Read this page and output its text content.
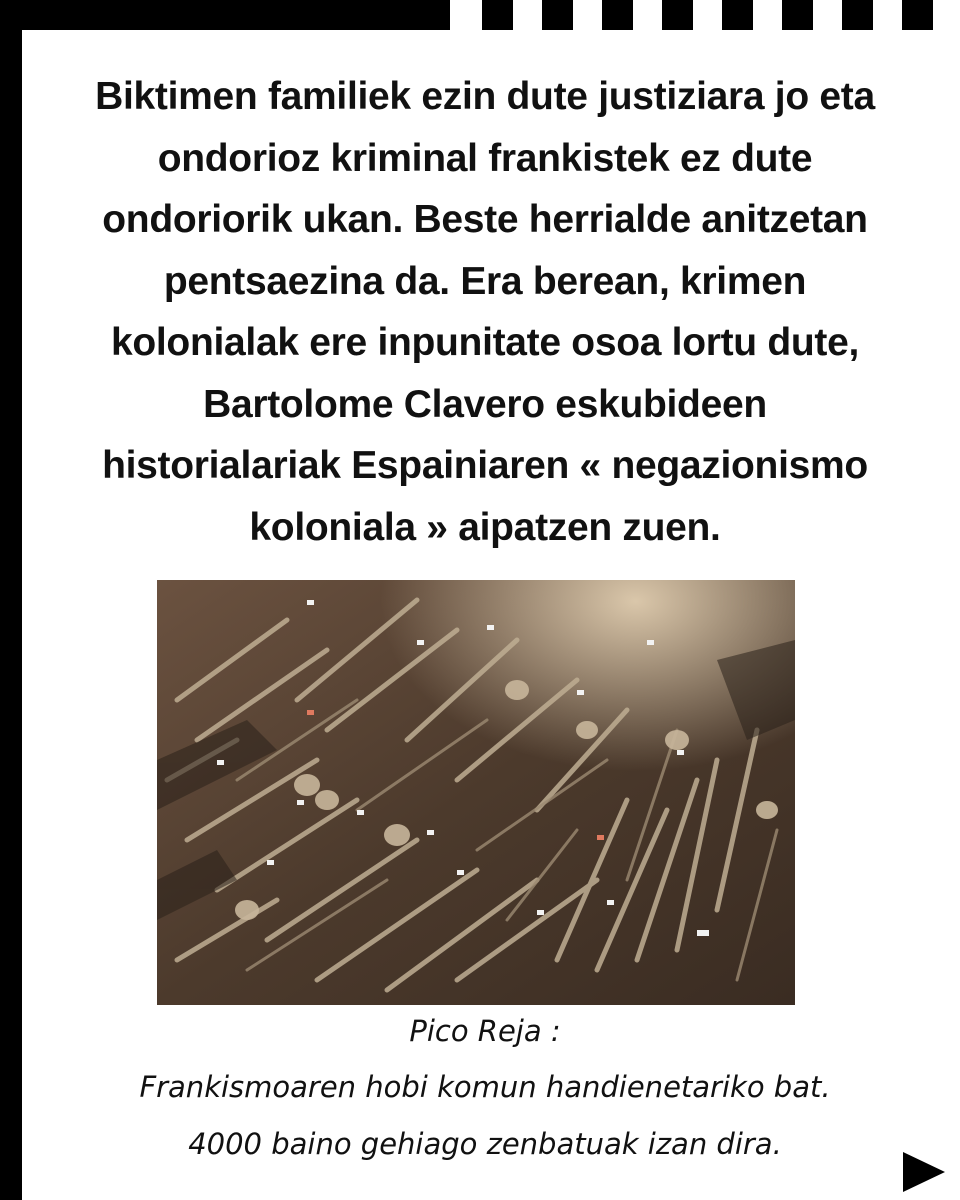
Biktimen familiek ezin dute justiziara jo eta
ondorioz kriminal frankistek ez dute
ondoriorik ukan. Beste herrialde anitzetan
pentsaezina da. Era berean, krimen
kolonialak ere inpunitate osoa lortu dute,
Bartolome Clavero eskubideen
historialariak Espainiaren « negazionismo
koloniala » aipatzen zuen.

Pico Reja :

Frankismoaren hobi komun handienetariko bat.

4000 baino gehiago zenbatuak izan dira.
